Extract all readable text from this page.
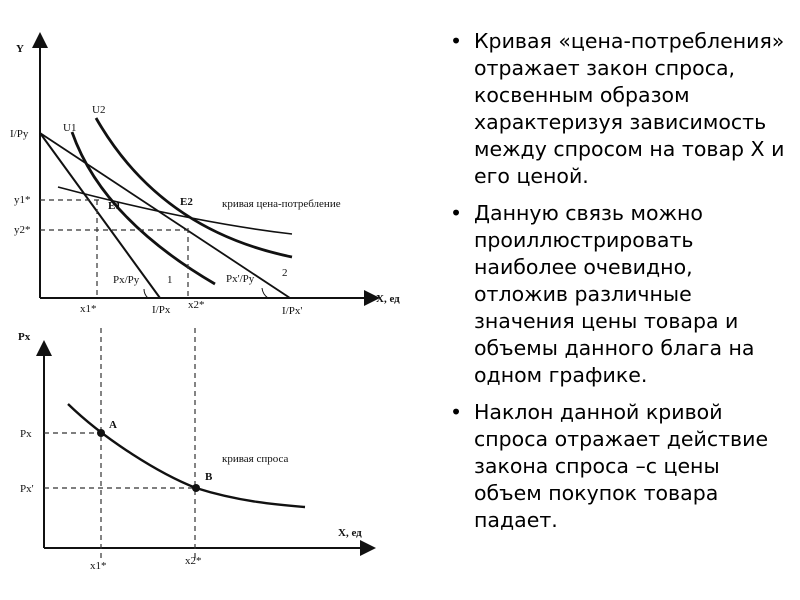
Y
X, ед
I/Py
y1*
y2*
x1*	x2*
I/Px	I/Px'
U1
U2
E1	E2
Px/Py	Px'/Py
1
2
кривая цена-потребление
Px
X, ед
Px
Px'
x1*	x2*
A
B
кривая спроса
• Кривая «цена-потребления» отражает закон спроса, косвенным образом характеризуя зависимость между спросом на товар Х и его ценой.
• Данную связь можно проиллюстрировать наиболее очевидно, отложив различные значения цены товара и объемы данного блага на одном графике.
• Наклон данной кривой спроса отражает действие закона спроса –с цены объем покупок товара падает.
